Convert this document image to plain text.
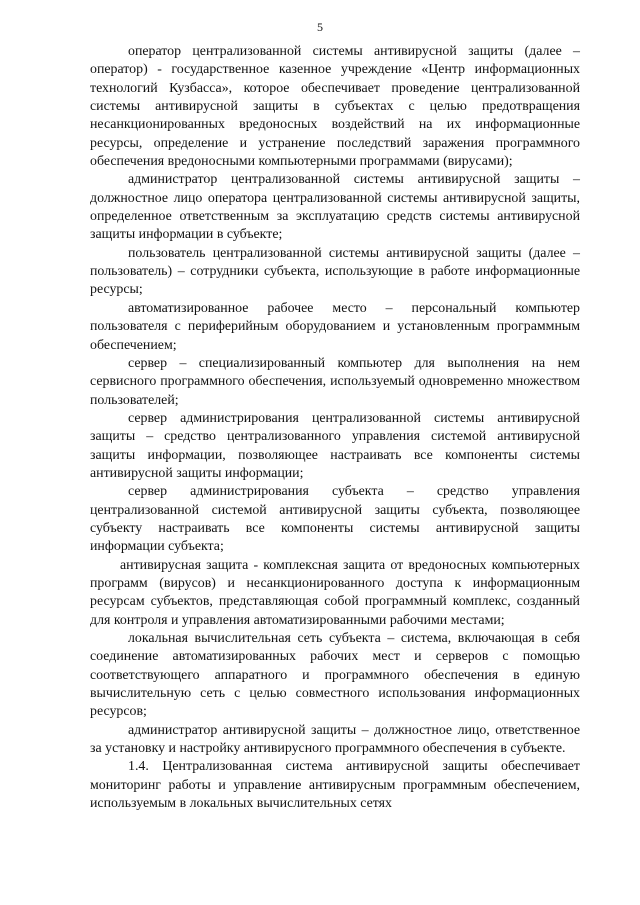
5

оператор централизованной системы антивирусной защиты (далее – оператор) - государственное казенное учреждение «Центр информационных технологий Кузбасса», которое обеспечивает проведение централизованной системы антивирусной защиты в субъектах с целью предотвращения несанкционированных вредоносных воздействий на их информационные ресурсы, определение и устранение последствий заражения программного обеспечения вредоносными компьютерными программами (вирусами);

администратор централизованной системы антивирусной защиты – должностное лицо оператора централизованной системы антивирусной защиты, определенное ответственным за эксплуатацию средств системы антивирусной защиты информации в субъекте;

пользователь централизованной системы антивирусной защиты (далее – пользователь) – сотрудники субъекта, использующие в работе информационные ресурсы;

автоматизированное рабочее место – персональный компьютер пользователя с периферийным оборудованием и установленным программным обеспечением;

сервер – специализированный компьютер для выполнения на нем сервисного программного обеспечения, используемый одновременно множеством пользователей;

сервер администрирования централизованной системы антивирусной защиты – средство централизованного управления системой антивирусной защиты информации, позволяющее настраивать все компоненты системы антивирусной защиты информации;

сервер администрирования субъекта – средство управления централизованной системой антивирусной защиты субъекта, позволяющее субъекту настраивать все компоненты системы антивирусной защиты информации субъекта;

антивирусная защита - комплексная защита от вредоносных компьютерных программ (вирусов) и несанкционированного доступа к информационным ресурсам субъектов, представляющая собой программный комплекс, созданный для контроля и управления автоматизированными рабочими местами;

локальная вычислительная сеть субъекта – система, включающая в себя соединение автоматизированных рабочих мест и серверов с помощью соответствующего аппаратного и программного обеспечения в единую вычислительную сеть с целью совместного использования информационных ресурсов;

администратор антивирусной защиты – должностное лицо, ответственное за установку и настройку антивирусного программного обеспечения в субъекте.

1.4. Централизованная система антивирусной защиты обеспечивает мониторинг работы и управление антивирусным программным обеспечением, используемым в локальных вычислительных сетях
